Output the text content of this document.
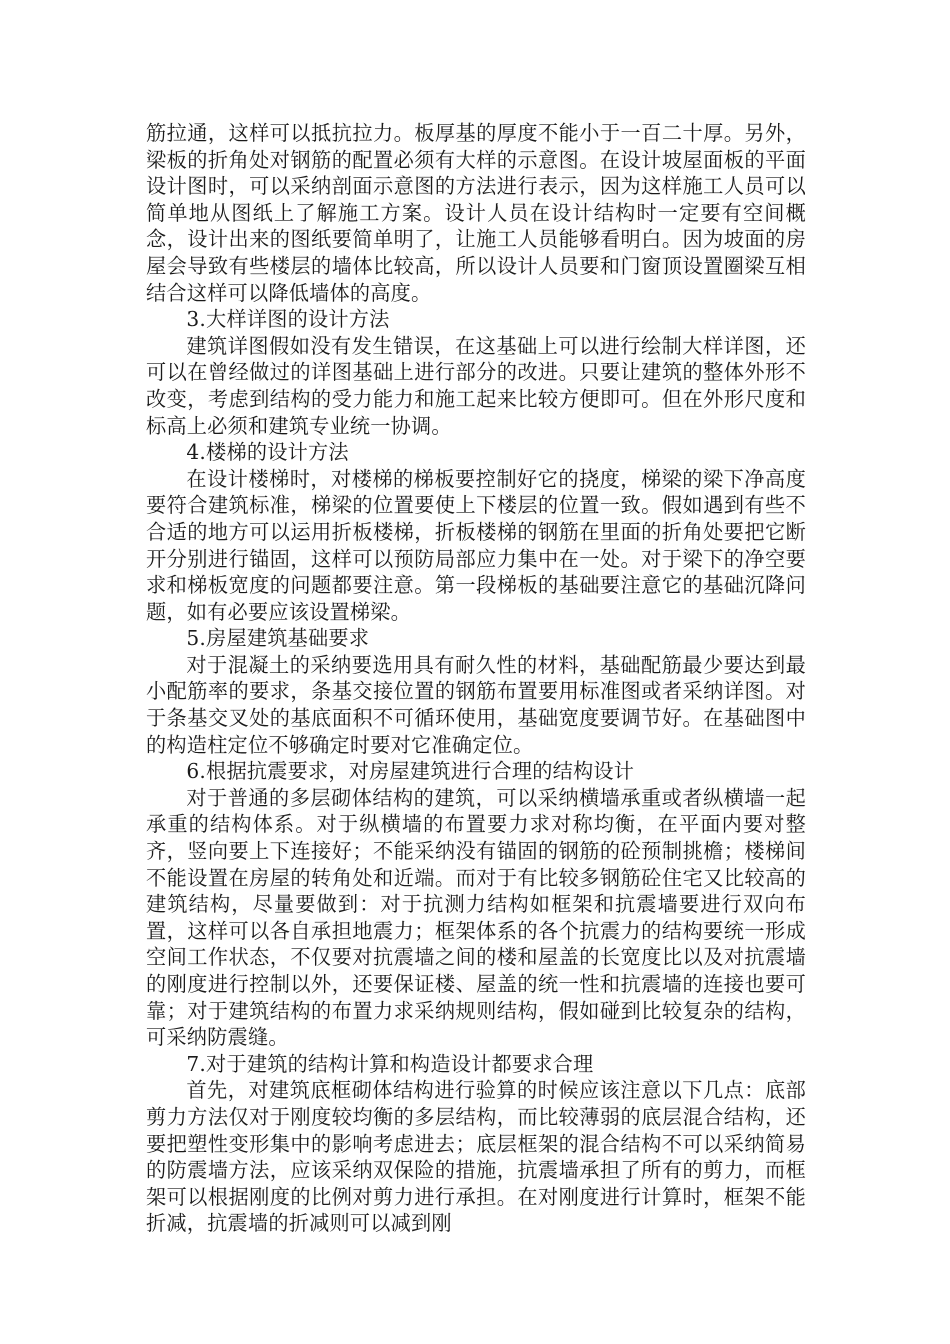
筋拉通，这样可以抵抗拉力。板厚基的厚度不能小于一百二十厚。另外，梁板的折角处对钢筋的配置必须有大样的示意图。在设计坡屋面板的平面设计图时，可以采纳剖面示意图的方法进行表示，因为这样施工人员可以简单地从图纸上了解施工方案。设计人员在设计结构时一定要有空间概念，设计出来的图纸要简单明了，让施工人员能够看明白。因为坡面的房屋会导致有些楼层的墙体比较高，所以设计人员要和门窗顶设置圈梁互相结合这样可以降低墙体的高度。

3.大样详图的设计方法

建筑详图假如没有发生错误，在这基础上可以进行绘制大样详图，还可以在曾经做过的详图基础上进行部分的改进。只要让建筑的整体外形不改变，考虑到结构的受力能力和施工起来比较方便即可。但在外形尺度和标高上必须和建筑专业统一协调。

4.楼梯的设计方法

在设计楼梯时，对楼梯的梯板要控制好它的挠度，梯梁的梁下净高度要符合建筑标准，梯梁的位置要使上下楼层的位置一致。假如遇到有些不合适的地方可以运用折板楼梯，折板楼梯的钢筋在里面的折角处要把它断开分别进行锚固，这样可以预防局部应力集中在一处。对于梁下的净空要求和梯板宽度的问题都要注意。第一段梯板的基础要注意它的基础沉降问题，如有必要应该设置梯梁。

5.房屋建筑基础要求

对于混凝土的采纳要选用具有耐久性的材料，基础配筋最少要达到最小配筋率的要求，条基交接位置的钢筋布置要用标准图或者采纳详图。对于条基交叉处的基底面积不可循环使用，基础宽度要调节好。在基础图中的构造柱定位不够确定时要对它准确定位。

6.根据抗震要求，对房屋建筑进行合理的结构设计

对于普通的多层砌体结构的建筑，可以采纳横墙承重或者纵横墙一起承重的结构体系。对于纵横墙的布置要力求对称均衡，在平面内要对整齐，竖向要上下连接好；不能采纳没有锚固的钢筋的砼预制挑檐；楼梯间不能设置在房屋的转角处和近端。而对于有比较多钢筋砼住宅又比较高的建筑结构，尽量要做到：对于抗测力结构如框架和抗震墙要进行双向布置，这样可以各自承担地震力；框架体系的各个抗震力的结构要统一形成空间工作状态，不仅要对抗震墙之间的楼和屋盖的长宽度比以及对抗震墙的刚度进行控制以外，还要保证楼、屋盖的统一性和抗震墙的连接也要可靠；对于建筑结构的布置力求采纳规则结构，假如碰到比较复杂的结构，可采纳防震缝。

7.对于建筑的结构计算和构造设计都要求合理

首先，对建筑底框砌体结构进行验算的时候应该注意以下几点：底部剪力方法仅对于刚度较均衡的多层结构，而比较薄弱的底层混合结构，还要把塑性变形集中的影响考虑进去；底层框架的混合结构不可以采纳简易的防震墙方法，应该采纳双保险的措施，抗震墙承担了所有的剪力，而框架可以根据刚度的比例对剪力进行承担。在对刚度进行计算时，框架不能折减，抗震墙的折减则可以减到刚
